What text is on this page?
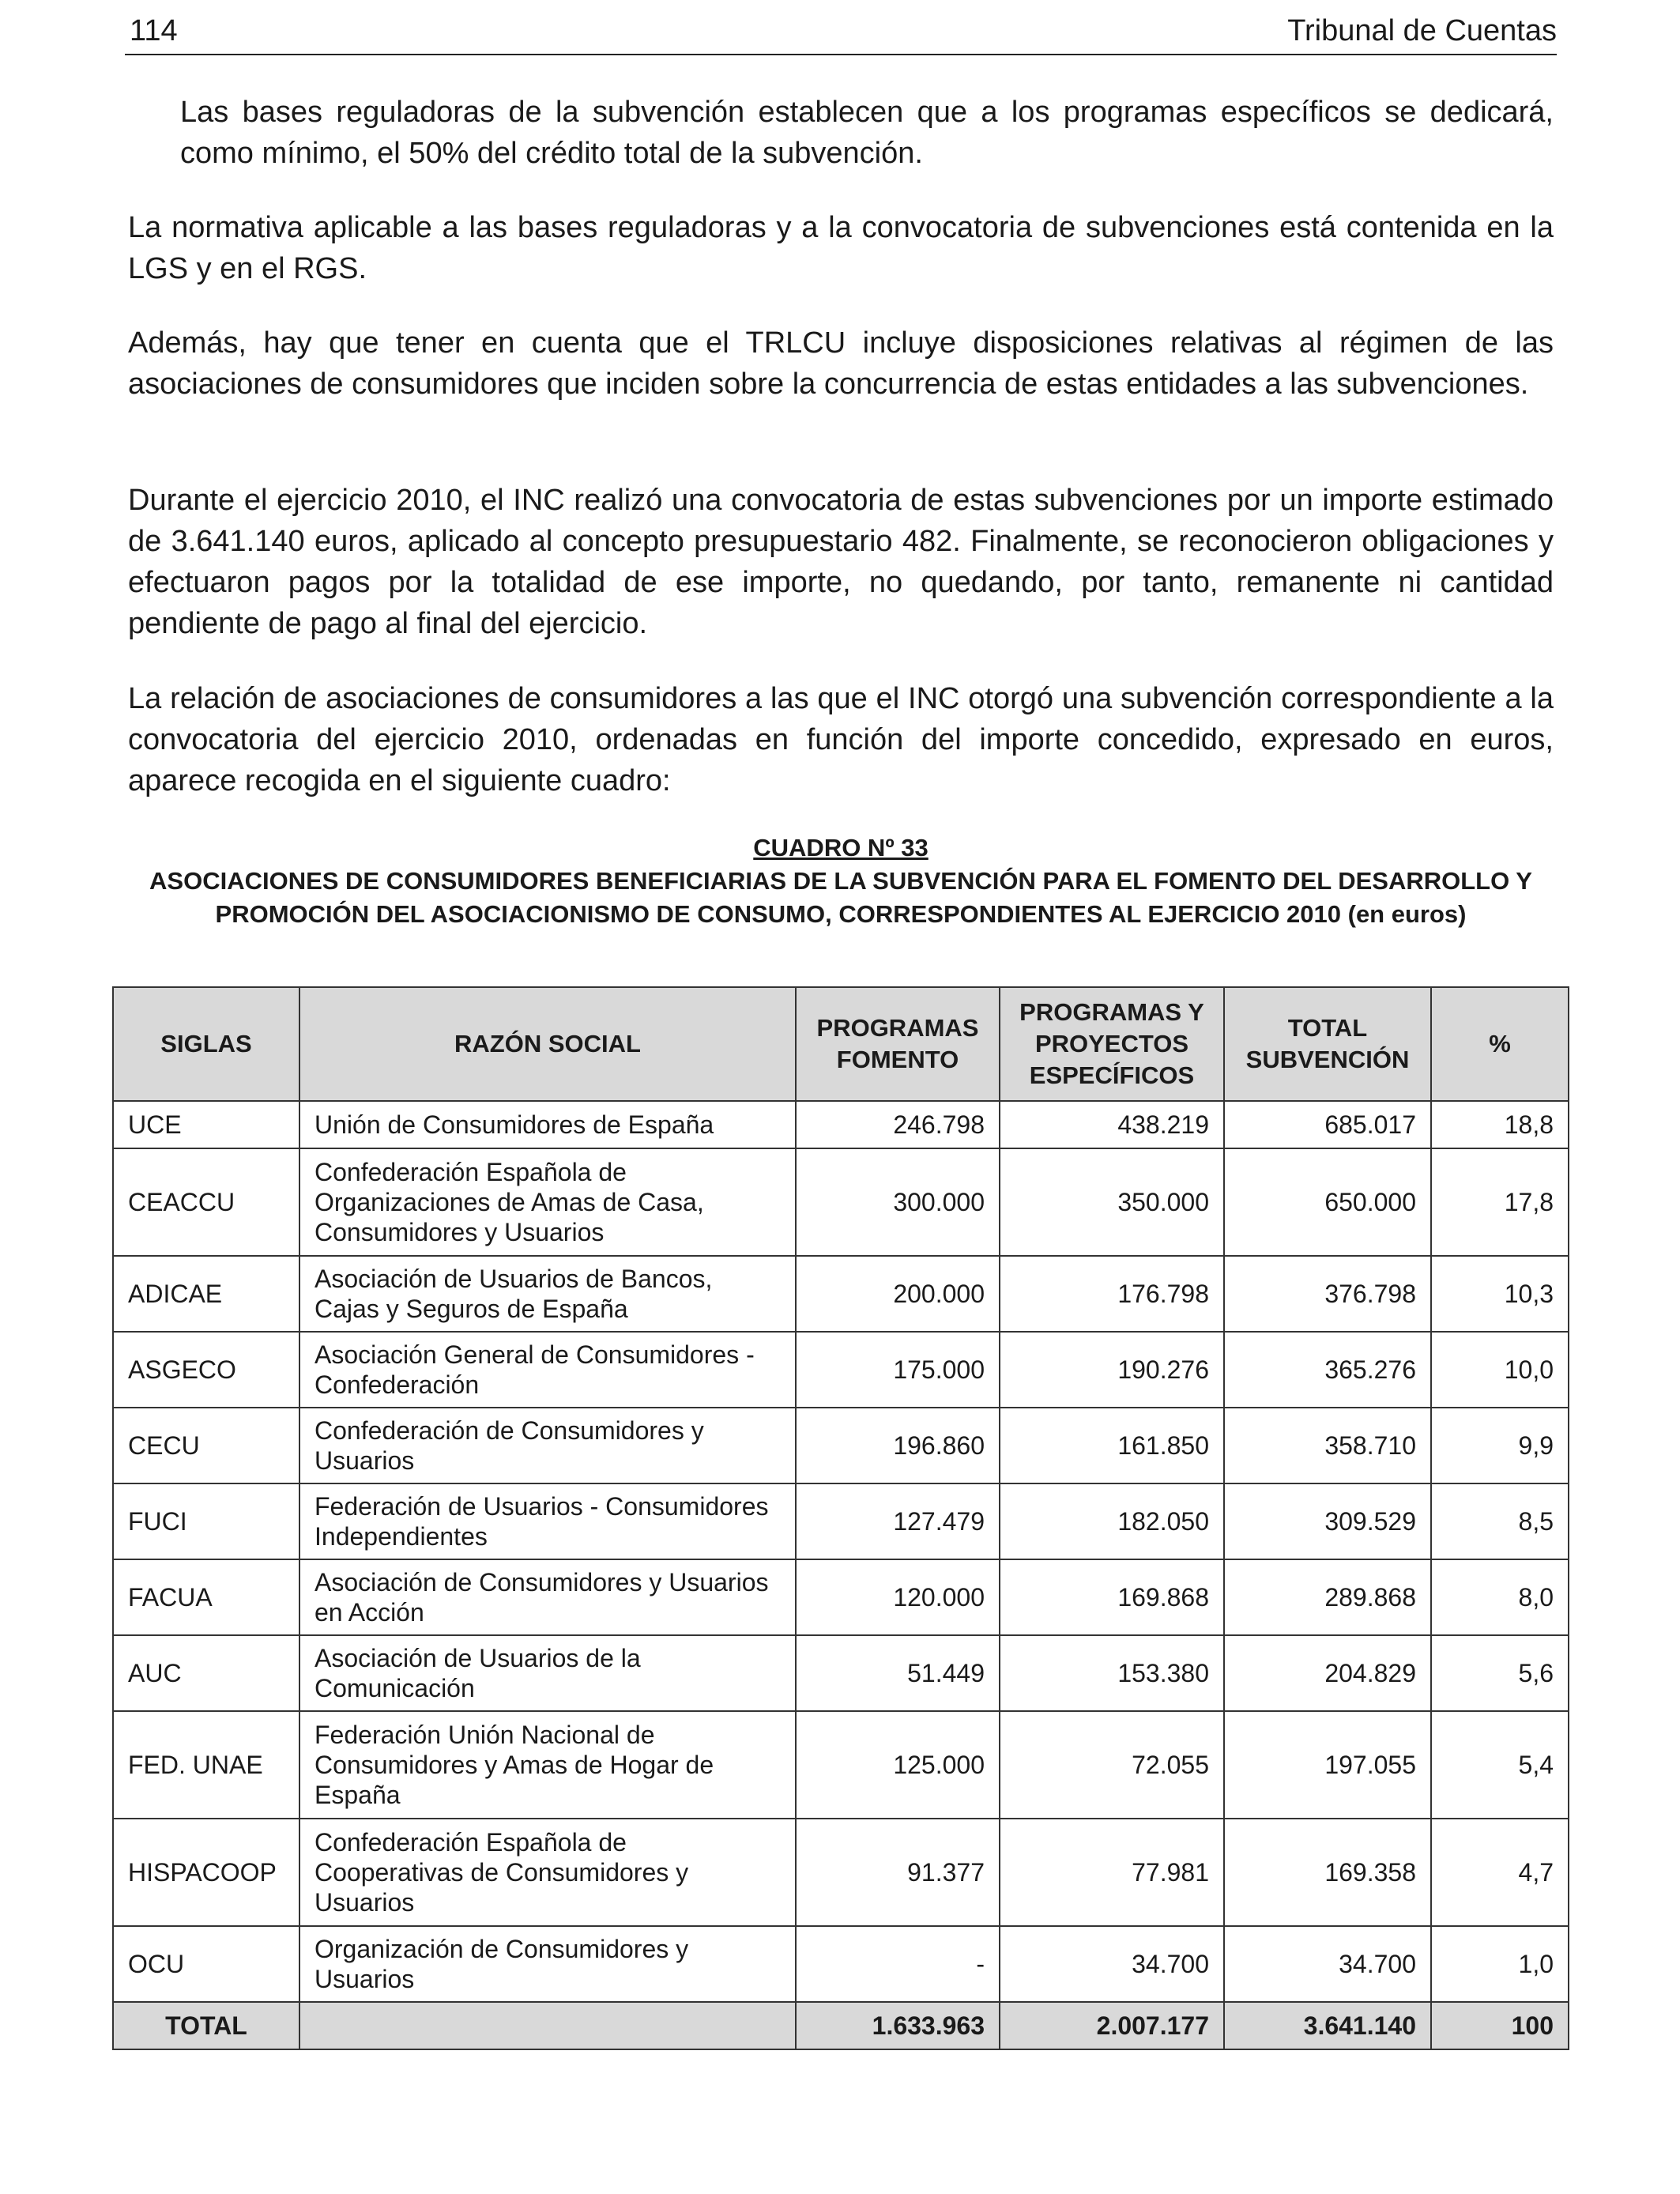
114	Tribunal de Cuentas

Las bases reguladoras de la subvención establecen que a los programas específicos se dedicará, como mínimo, el 50% del crédito total de la subvención.

La normativa aplicable a las bases reguladoras y a la convocatoria de subvenciones está contenida en la LGS y en el RGS.

Además, hay que tener en cuenta que el TRLCU incluye disposiciones relativas al régimen de las asociaciones de consumidores que inciden sobre la concurrencia de estas entidades a las subvenciones.

Durante el ejercicio 2010, el INC realizó una convocatoria de estas subvenciones por un importe estimado de 3.641.140 euros, aplicado al concepto presupuestario 482. Finalmente, se reconocieron obligaciones y efectuaron pagos por la totalidad de ese importe, no quedando, por tanto, remanente ni cantidad pendiente de pago al final del ejercicio.

La relación de asociaciones de consumidores a las que el INC otorgó una subvención correspondiente a la convocatoria del ejercicio 2010, ordenadas en función del importe concedido, expresado en euros, aparece recogida en el siguiente cuadro:

CUADRO Nº 33
ASOCIACIONES DE CONSUMIDORES BENEFICIARIAS DE LA SUBVENCIÓN PARA EL FOMENTO DEL DESARROLLO Y PROMOCIÓN DEL ASOCIACIONISMO DE CONSUMO, CORRESPONDIENTES AL EJERCICIO 2010 (en euros)
SIGLAS	RAZÓN SOCIAL	PROGRAMAS FOMENTO	PROGRAMAS Y PROYECTOS ESPECÍFICOS	TOTAL SUBVENCIÓN	%
UCE	Unión de Consumidores de España	246.798	438.219	685.017	18,8
CEACCU	Confederación Española de Organizaciones de Amas de Casa, Consumidores y Usuarios	300.000	350.000	650.000	17,8
ADICAE	Asociación de Usuarios de Bancos, Cajas y Seguros de España	200.000	176.798	376.798	10,3
ASGECO	Asociación General de Consumidores - Confederación	175.000	190.276	365.276	10,0
CECU	Confederación de Consumidores y Usuarios	196.860	161.850	358.710	9,9
FUCI	Federación de Usuarios - Consumidores Independientes	127.479	182.050	309.529	8,5
FACUA	Asociación de Consumidores y Usuarios en Acción	120.000	169.868	289.868	8,0
AUC	Asociación de Usuarios de la Comunicación	51.449	153.380	204.829	5,6
FED. UNAE	Federación Unión Nacional de Consumidores y Amas de Hogar de España	125.000	72.055	197.055	5,4
HISPACOOP	Confederación Española de Cooperativas de Consumidores y Usuarios	91.377	77.981	169.358	4,7
OCU	Organización de Consumidores y Usuarios	-	34.700	34.700	1,0
TOTAL		1.633.963	2.007.177	3.641.140	100
